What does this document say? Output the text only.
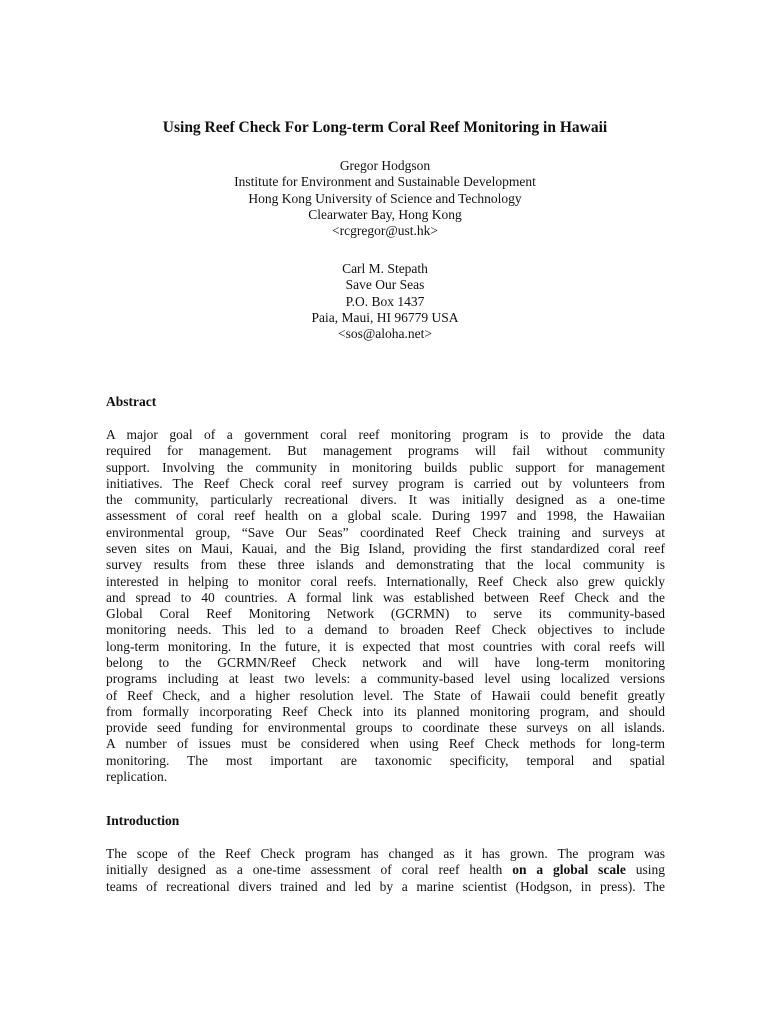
Using Reef Check For Long-term Coral Reef Monitoring in Hawaii
Gregor Hodgson
Institute for Environment and Sustainable Development
Hong Kong University of Science and Technology
Clearwater Bay, Hong Kong
<rcgregor@ust.hk>
Carl M. Stepath
Save Our Seas
P.O. Box 1437
Paia, Maui, HI 96779 USA
<sos@aloha.net>
Abstract
A major goal of a government coral reef monitoring program is to provide the data
required for management. But management programs will fail without community
support. Involving the community in monitoring builds public support for management
initiatives. The Reef Check coral reef survey program is carried out by volunteers from
the community, particularly recreational divers. It was initially designed as a one-time
assessment of coral reef health on a global scale. During 1997 and 1998, the Hawaiian
environmental group, “Save Our Seas” coordinated Reef Check training and surveys at
seven sites on Maui, Kauai, and the Big Island, providing the first standardized coral reef
survey results from these three islands and demonstrating that the local community is
interested in helping to monitor coral reefs. Internationally, Reef Check also grew quickly
and spread to 40 countries. A formal link was established between Reef Check and the
Global Coral Reef Monitoring Network (GCRMN) to serve its community-based
monitoring needs. This led to a demand to broaden Reef Check objectives to include
long-term monitoring. In the future, it is expected that most countries with coral reefs will
belong to the GCRMN/Reef Check network and will have long-term monitoring
programs including at least two levels: a community-based level using localized versions
of Reef Check, and a higher resolution level. The State of Hawaii could benefit greatly
from formally incorporating Reef Check into its planned monitoring program, and should
provide seed funding for environmental groups to coordinate these surveys on all islands.
A number of issues must be considered when using Reef Check methods for long-term
monitoring. The most important are taxonomic specificity, temporal and spatial
replication.
Introduction
The scope of the Reef Check program has changed as it has grown. The program was
initially designed as a one-time assessment of coral reef health on a global scale using
teams of recreational divers trained and led by a marine scientist (Hodgson, in press). The
